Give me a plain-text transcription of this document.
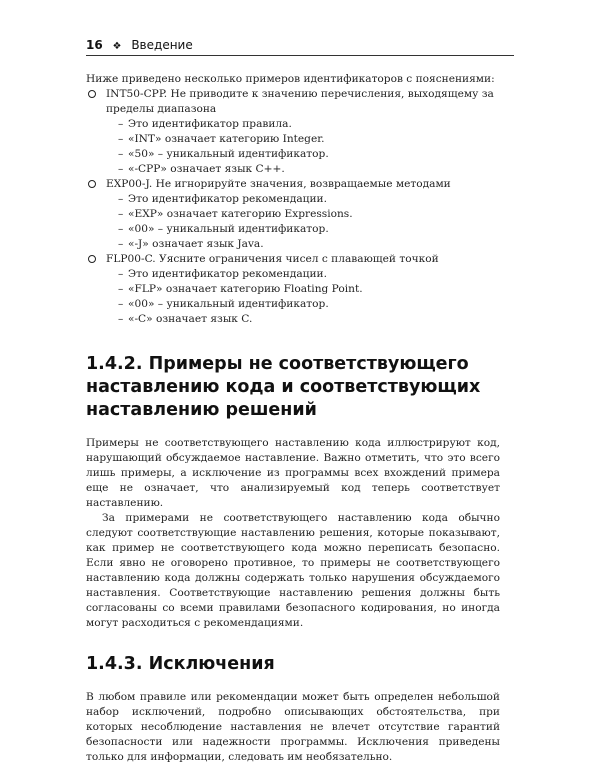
16 ❖ Введение

Ниже приведено несколько примеров идентификаторов с пояснениями:

INT50-CPP. Не приводите к значению перечисления, выходящему за пределы диапазона
– Это идентификатор правила.
– «INT» означает категорию Integer.
– «50» – уникальный идентификатор.
– «-CPP» означает язык C++.
EXP00-J. Не игнорируйте значения, возвращаемые методами
– Это идентификатор рекомендации.
– «EXP» означает категорию Expressions.
– «00» – уникальный идентификатор.
– «-J» означает язык Java.
FLP00-C. Уясните ограничения чисел с плавающей точкой
– Это идентификатор рекомендации.
– «FLP» означает категорию Floating Point.
– «00» – уникальный идентификатор.
– «-C» означает язык C.
1.4.2. Примеры не соответствующего наставлению кода и соответствующих наставлению решений

Примеры не соответствующего наставлению кода иллюстрируют код, нарушающий обсуждаемое наставление. Важно отметить, что это всего лишь примеры, а исключение из программы всех вхождений примера еще не означает, что анализируемый код теперь соответствует наставлению.

За примерами не соответствующего наставлению кода обычно следуют соответствующие наставлению решения, которые показывают, как пример не соответствующего кода можно переписать безопасно. Если явно не оговорено противное, то примеры не соответствующего наставлению кода должны содержать только нарушения обсуждаемого наставления. Соответствующие наставлению решения должны быть согласованы со всеми правилами безопасного кодирования, но иногда могут расходиться с рекомендациями.

1.4.3. Исключения

В любом правиле или рекомендации может быть определен небольшой набор исключений, подробно описывающих обстоятельства, при которых несоблюдение наставления не влечет отсутствие гарантий безопасности или надежности программы. Исключения приведены только для информации, следовать им необязательно.
